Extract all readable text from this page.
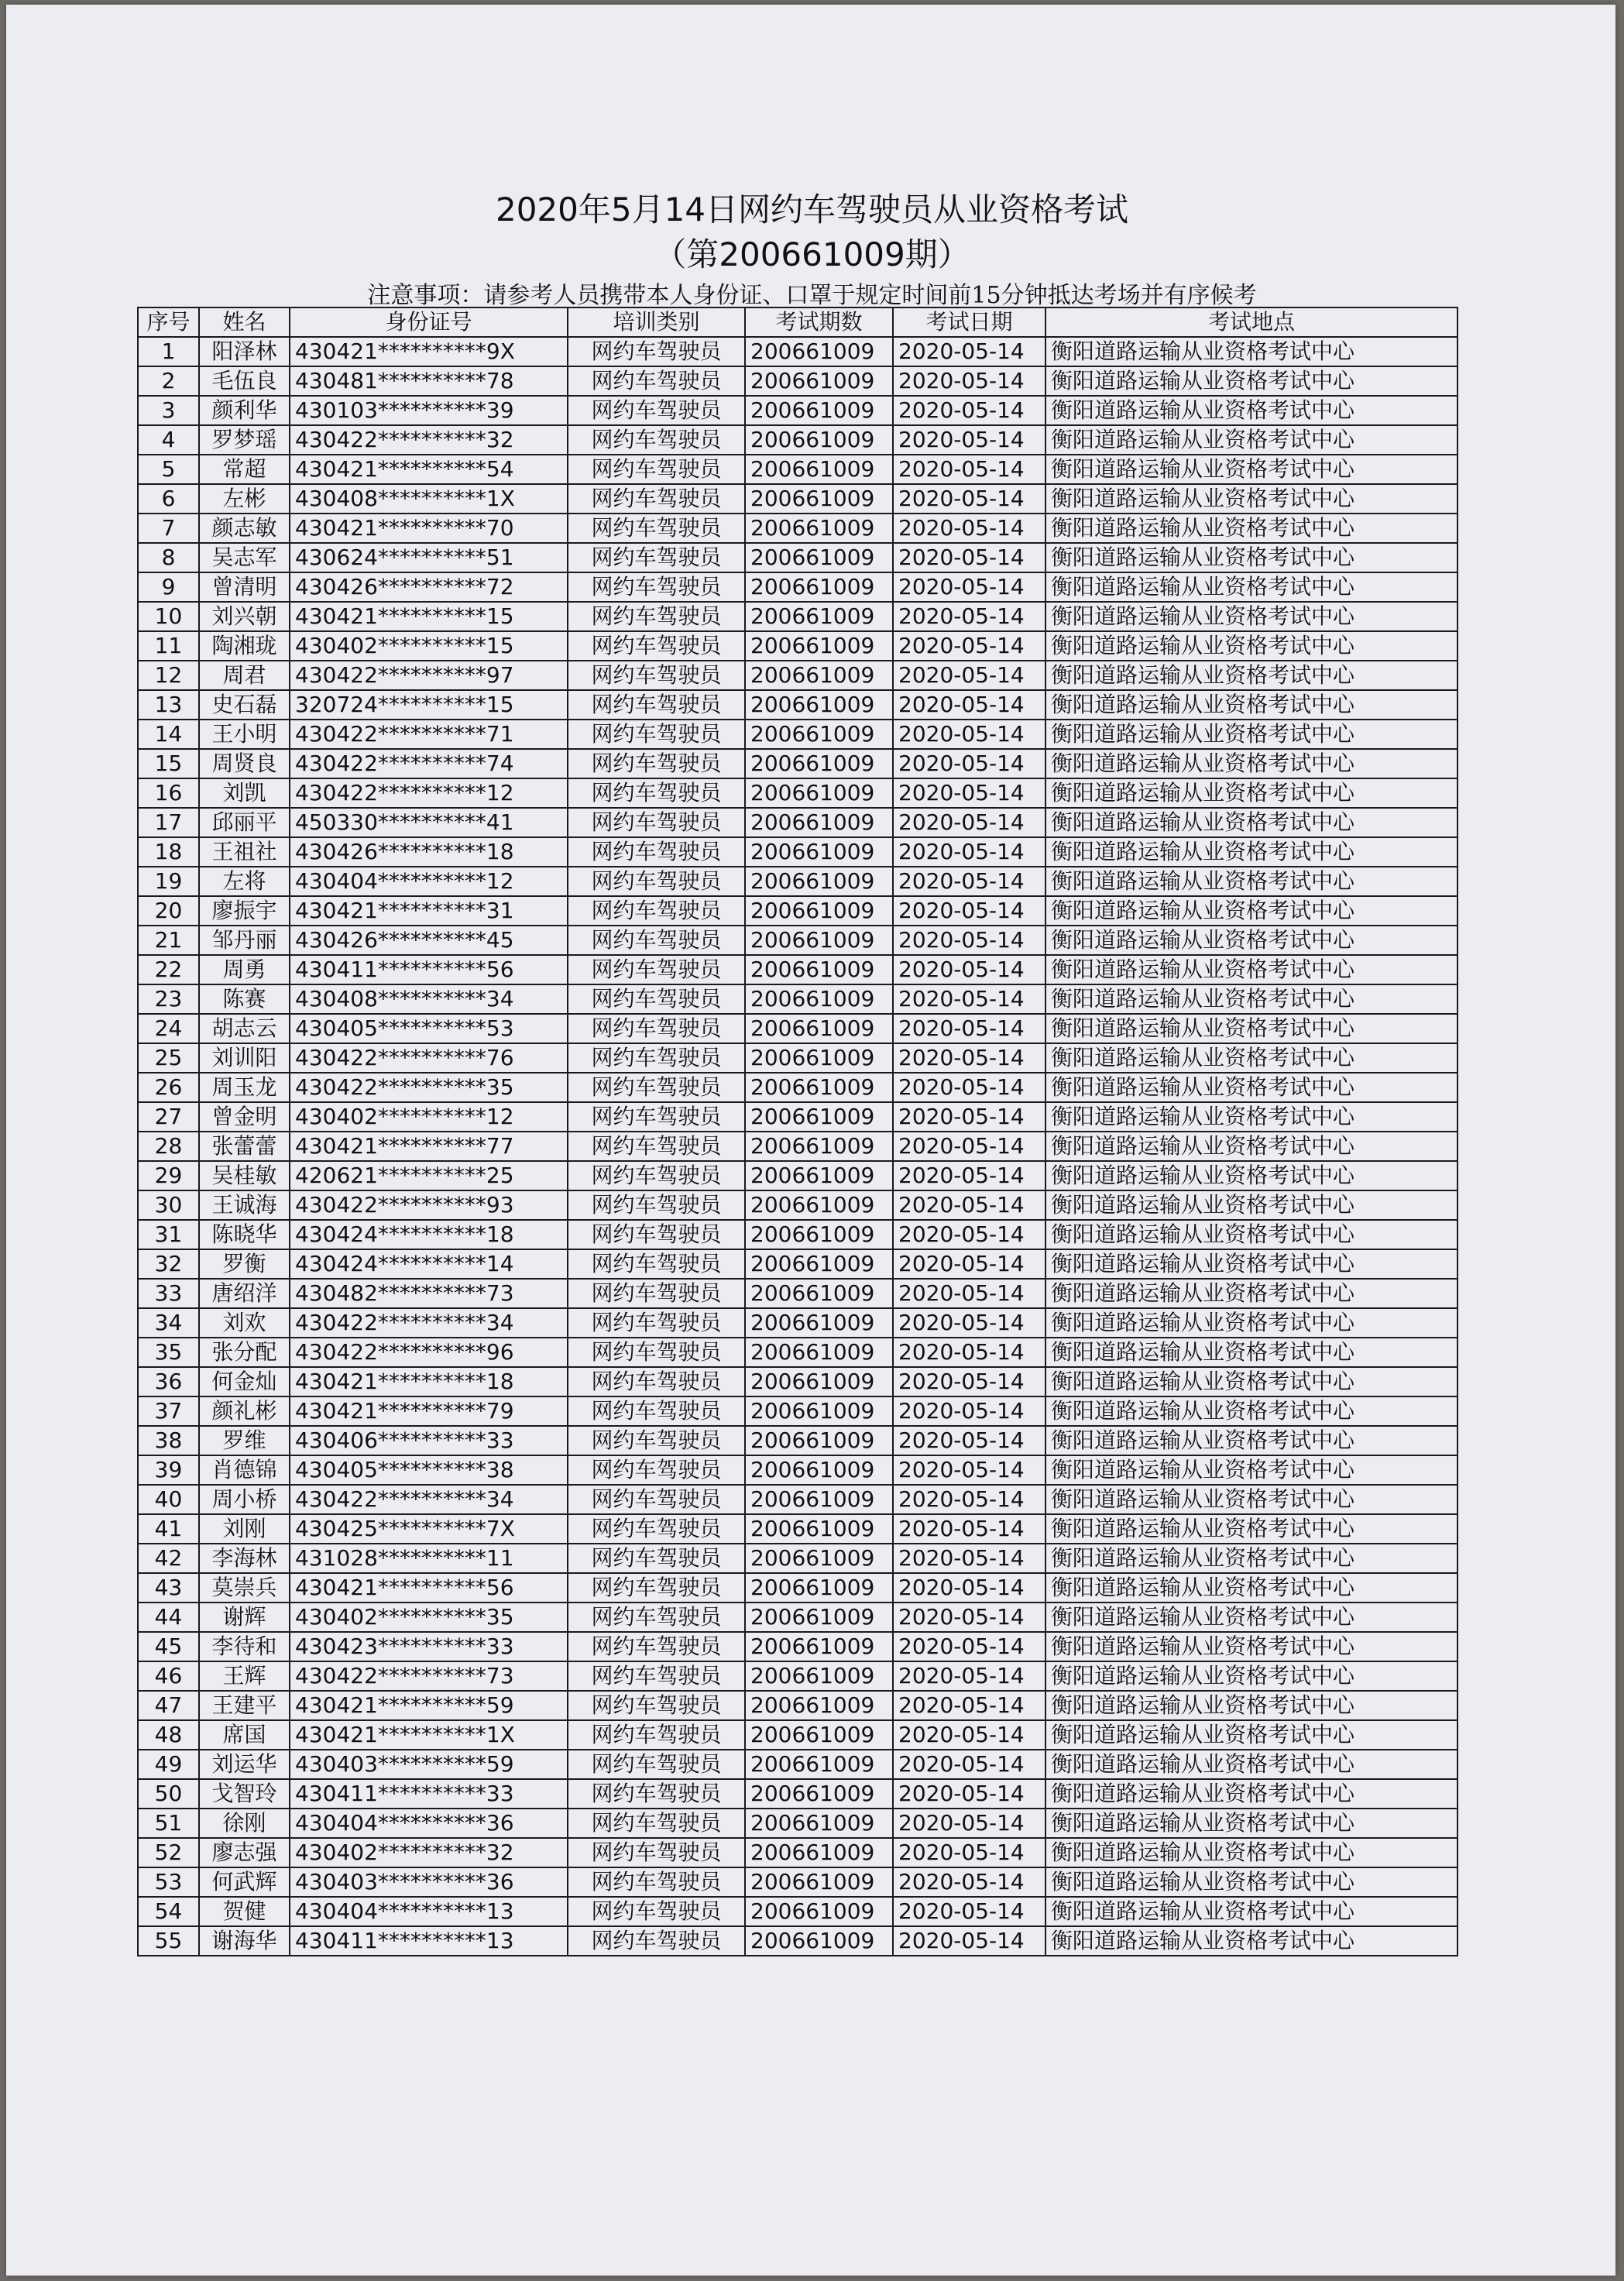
2020年5月14日网约车驾驶员从业资格考试
（第200661009期）
注意事项：请参考人员携带本人身份证、口罩于规定时间前15分钟抵达考场并有序候考
序号	姓名	身份证号	培训类别	考试期数	考试日期	考试地点
1	阳泽林	430421**********9X	网约车驾驶员	200661009	2020-05-14	衡阳道路运输从业资格考试中心
2	毛伍良	430481**********78	网约车驾驶员	200661009	2020-05-14	衡阳道路运输从业资格考试中心
3	颜利华	430103**********39	网约车驾驶员	200661009	2020-05-14	衡阳道路运输从业资格考试中心
4	罗梦瑶	430422**********32	网约车驾驶员	200661009	2020-05-14	衡阳道路运输从业资格考试中心
5	常超	430421**********54	网约车驾驶员	200661009	2020-05-14	衡阳道路运输从业资格考试中心
6	左彬	430408**********1X	网约车驾驶员	200661009	2020-05-14	衡阳道路运输从业资格考试中心
7	颜志敏	430421**********70	网约车驾驶员	200661009	2020-05-14	衡阳道路运输从业资格考试中心
8	吴志军	430624**********51	网约车驾驶员	200661009	2020-05-14	衡阳道路运输从业资格考试中心
9	曾清明	430426**********72	网约车驾驶员	200661009	2020-05-14	衡阳道路运输从业资格考试中心
10	刘兴朝	430421**********15	网约车驾驶员	200661009	2020-05-14	衡阳道路运输从业资格考试中心
11	陶湘珑	430402**********15	网约车驾驶员	200661009	2020-05-14	衡阳道路运输从业资格考试中心
12	周君	430422**********97	网约车驾驶员	200661009	2020-05-14	衡阳道路运输从业资格考试中心
13	史石磊	320724**********15	网约车驾驶员	200661009	2020-05-14	衡阳道路运输从业资格考试中心
14	王小明	430422**********71	网约车驾驶员	200661009	2020-05-14	衡阳道路运输从业资格考试中心
15	周贤良	430422**********74	网约车驾驶员	200661009	2020-05-14	衡阳道路运输从业资格考试中心
16	刘凯	430422**********12	网约车驾驶员	200661009	2020-05-14	衡阳道路运输从业资格考试中心
17	邱丽平	450330**********41	网约车驾驶员	200661009	2020-05-14	衡阳道路运输从业资格考试中心
18	王祖社	430426**********18	网约车驾驶员	200661009	2020-05-14	衡阳道路运输从业资格考试中心
19	左将	430404**********12	网约车驾驶员	200661009	2020-05-14	衡阳道路运输从业资格考试中心
20	廖振宇	430421**********31	网约车驾驶员	200661009	2020-05-14	衡阳道路运输从业资格考试中心
21	邹丹丽	430426**********45	网约车驾驶员	200661009	2020-05-14	衡阳道路运输从业资格考试中心
22	周勇	430411**********56	网约车驾驶员	200661009	2020-05-14	衡阳道路运输从业资格考试中心
23	陈赛	430408**********34	网约车驾驶员	200661009	2020-05-14	衡阳道路运输从业资格考试中心
24	胡志云	430405**********53	网约车驾驶员	200661009	2020-05-14	衡阳道路运输从业资格考试中心
25	刘训阳	430422**********76	网约车驾驶员	200661009	2020-05-14	衡阳道路运输从业资格考试中心
26	周玉龙	430422**********35	网约车驾驶员	200661009	2020-05-14	衡阳道路运输从业资格考试中心
27	曾金明	430402**********12	网约车驾驶员	200661009	2020-05-14	衡阳道路运输从业资格考试中心
28	张蕾蕾	430421**********77	网约车驾驶员	200661009	2020-05-14	衡阳道路运输从业资格考试中心
29	吴桂敏	420621**********25	网约车驾驶员	200661009	2020-05-14	衡阳道路运输从业资格考试中心
30	王诚海	430422**********93	网约车驾驶员	200661009	2020-05-14	衡阳道路运输从业资格考试中心
31	陈晓华	430424**********18	网约车驾驶员	200661009	2020-05-14	衡阳道路运输从业资格考试中心
32	罗衡	430424**********14	网约车驾驶员	200661009	2020-05-14	衡阳道路运输从业资格考试中心
33	唐绍洋	430482**********73	网约车驾驶员	200661009	2020-05-14	衡阳道路运输从业资格考试中心
34	刘欢	430422**********34	网约车驾驶员	200661009	2020-05-14	衡阳道路运输从业资格考试中心
35	张分配	430422**********96	网约车驾驶员	200661009	2020-05-14	衡阳道路运输从业资格考试中心
36	何金灿	430421**********18	网约车驾驶员	200661009	2020-05-14	衡阳道路运输从业资格考试中心
37	颜礼彬	430421**********79	网约车驾驶员	200661009	2020-05-14	衡阳道路运输从业资格考试中心
38	罗维	430406**********33	网约车驾驶员	200661009	2020-05-14	衡阳道路运输从业资格考试中心
39	肖德锦	430405**********38	网约车驾驶员	200661009	2020-05-14	衡阳道路运输从业资格考试中心
40	周小桥	430422**********34	网约车驾驶员	200661009	2020-05-14	衡阳道路运输从业资格考试中心
41	刘刚	430425**********7X	网约车驾驶员	200661009	2020-05-14	衡阳道路运输从业资格考试中心
42	李海林	431028**********11	网约车驾驶员	200661009	2020-05-14	衡阳道路运输从业资格考试中心
43	莫崇兵	430421**********56	网约车驾驶员	200661009	2020-05-14	衡阳道路运输从业资格考试中心
44	谢辉	430402**********35	网约车驾驶员	200661009	2020-05-14	衡阳道路运输从业资格考试中心
45	李待和	430423**********33	网约车驾驶员	200661009	2020-05-14	衡阳道路运输从业资格考试中心
46	王辉	430422**********73	网约车驾驶员	200661009	2020-05-14	衡阳道路运输从业资格考试中心
47	王建平	430421**********59	网约车驾驶员	200661009	2020-05-14	衡阳道路运输从业资格考试中心
48	席国	430421**********1X	网约车驾驶员	200661009	2020-05-14	衡阳道路运输从业资格考试中心
49	刘运华	430403**********59	网约车驾驶员	200661009	2020-05-14	衡阳道路运输从业资格考试中心
50	戈智玲	430411**********33	网约车驾驶员	200661009	2020-05-14	衡阳道路运输从业资格考试中心
51	徐刚	430404**********36	网约车驾驶员	200661009	2020-05-14	衡阳道路运输从业资格考试中心
52	廖志强	430402**********32	网约车驾驶员	200661009	2020-05-14	衡阳道路运输从业资格考试中心
53	何武辉	430403**********36	网约车驾驶员	200661009	2020-05-14	衡阳道路运输从业资格考试中心
54	贺健	430404**********13	网约车驾驶员	200661009	2020-05-14	衡阳道路运输从业资格考试中心
55	谢海华	430411**********13	网约车驾驶员	200661009	2020-05-14	衡阳道路运输从业资格考试中心
